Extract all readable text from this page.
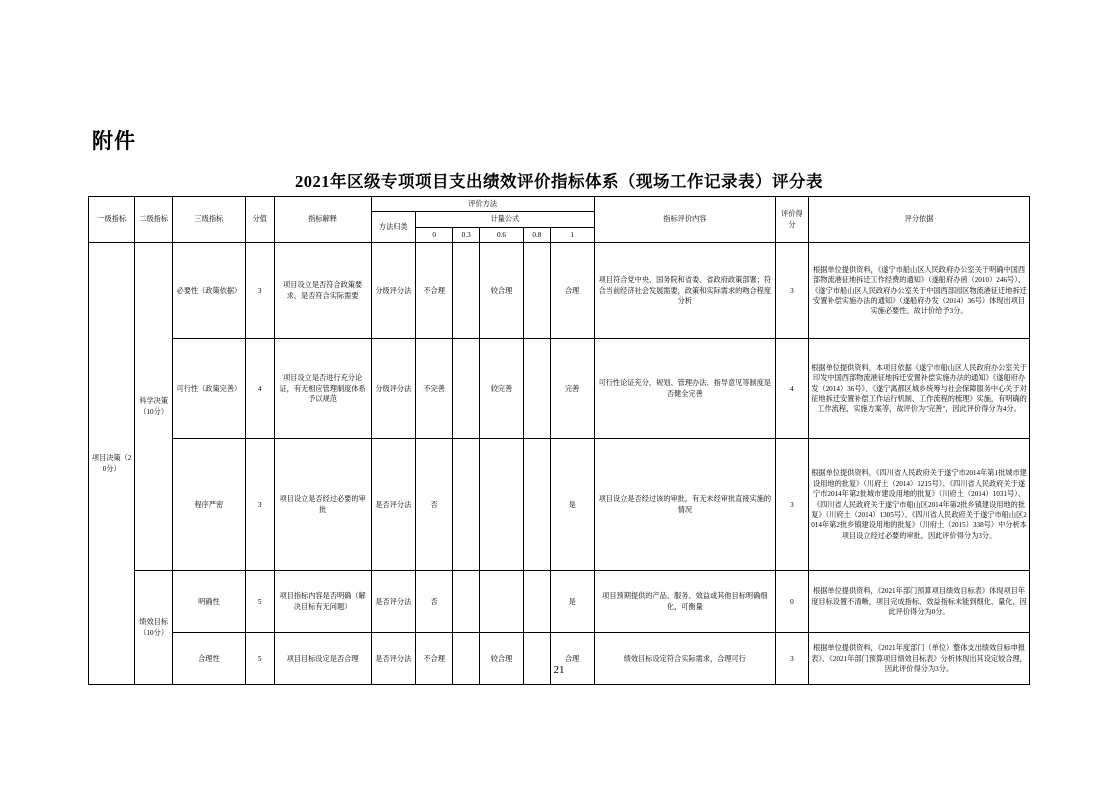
附件
2021年区级专项项目支出绩效评价指标体系（现场工作记录表）评分表
一级指标	二级指标	三级指标	分值	指标解释	评价方法						指标评价内容	评价得分	评分依据
					方法归类	计量公式							
						0	0.3	0.6	0.8	1			
项目决策（20分）	科学决策（10分）	必要性（政策依据）	3	项目设立是否符合政策要求，是否符合实际需要	分级评分法	不合理		较合理		合理	项目符合党中央、国务院和省委、省政府政策部署；符合当前经济社会发展需要，政策和实际需求的吻合程度分析	3	根据单位提供资料，《遂宁市船山区人民政府办公室关于明确中国西部物流港征地拆迁工作经费的通知》（遂船府办函（2010）246号）、《遂宁市船山区人民政府办公室关于中国西部园区物流港征迁地拆迁安置补偿实施办法的通知》（遂船府办发（2014）36号）体现出项目实施必要性。故计价给予3分。
		可行性（政策完善）	4	项目设立是否进行充分论证，有无相应管理制度体系予以规范	分级评分法	不完善		较完善		完善	可行性论证充分，规划、管理办法、指导意见等制度是否健全完善	4	根据单位提供资料，本项目依据《遂宁市船山区人民政府办公室关于印发中国西部物流港征地拆迁安置补偿实施办法的通知》《遂船府办发（2014）36号》、《遂宁离都区城乡统筹与社会保障服务中心关于对征地拆迁安置补偿工作运行机制、工作流程的梳理》实施，有明确的工作流程，实施方案等，故评价为"完善"，因此评价得分为4分。
		程序严密	3	项目设立是否经过必要的审批	是否评分法	否				是	项目设立是否经过该的审批，有无未经审批直接实施的情况	3	根据单位提供资料，《四川省人民政府关于遂宁市2014年第1批城市建设用地的批复》（川府土（2014）1215号）、《四川省人民政府关于遂宁市2014年第2批城市建设用地的批复》（川府土（2014）1031号）、《四川省人民政府关于遂宁市船山区2014年第2批乡镇建设用地的批复》（川府土（2014）1305号）、《四川省人民政府关于遂宁市船山区2014年第2批乡镇建设用地的批复》（川府土（2015）338号）中分析本项目设立经过必要的审批，因此评价得分为3分。
	绩效目标（10分）	明确性	5	项目指标内容是否明确（解决目标有无问题）	是否评分法	否				是	项目预期提供的产品、服务、效益或其他目标明确细化，可衡量	0	根据单位提供资料，《2021年部门预算项目绩效目标表》体现项目年度目标设置不清晰，项目完成指标、效益指标未能到细化、量化，因此评价得分为0分。
		合理性	5	项目目标设定是否合理	是否评分法	不合理		较合理		合理	绩效目标设定符合实际需求，合理可行	3	根据单位提供资料，《2021年度部门（单位）整体支出绩效目标申报表》、《2021年部门预算项目绩效目标表》分析体现出其设定较合理，因此评价得分为3分。
21
